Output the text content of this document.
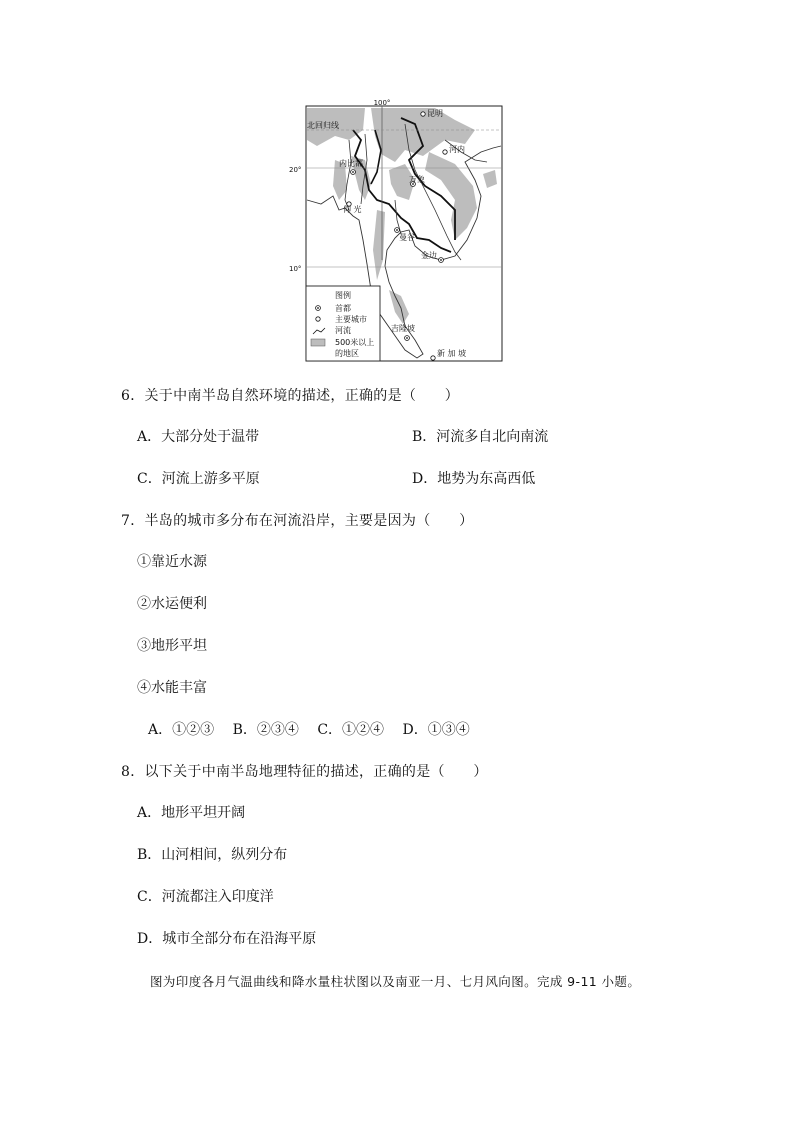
100°
20°
10°
北回归线
昆明
河内
内比都
仰 光
万象
曼谷
金边
吉隆坡
新 加 坡
图例
首都
主要城市
河流
500米以上
的地区
6．关于中南半岛自然环境的描述，正确的是（　　）
A．大部分处于温带	B．河流多自北向南流
C．河流上游多平原	D．地势为东高西低
7．半岛的城市多分布在河流沿岸，主要是因为（　　）
①靠近水源
②水运便利
③地形平坦
④水能丰富
A．①②③ B．②③④ C．①②④ D．①③④
8．以下关于中南半岛地理特征的描述，正确的是（　　）
A．地形平坦开阔
B．山河相间，纵列分布
C．河流都注入印度洋
D．城市全部分布在沿海平原
图为印度各月气温曲线和降水量柱状图以及南亚一月、七月风向图。完成 9-11 小题。
